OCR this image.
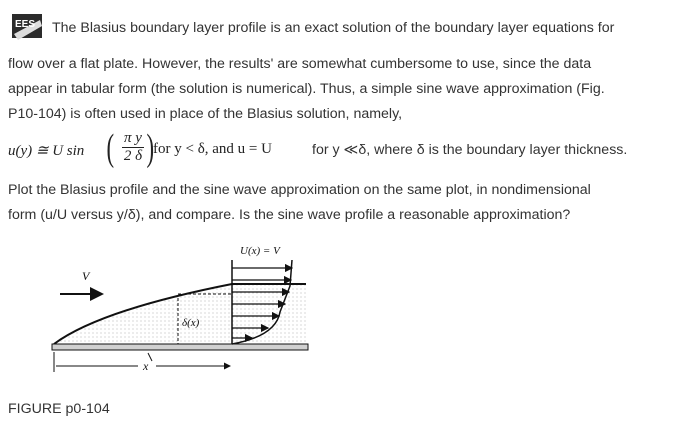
EES The Blasius boundary layer profile is an exact solution of the boundary layer equations for
flow over a flat plate. However, the results' are somewhat cumbersome to use, since the data
appear in tabular form (the solution is numerical). Thus, a simple sine wave approximation (Fig.
P10-104) is often used in place of the Blasius solution, namely,
u(y) ≅ U sin ( π y
2 δ )
for y < δ, and u = U	for y ≪δ, where δ is the boundary layer thickness.
Plot the Blasius profile and the sine wave approximation on the same plot, in nondimensional
form (u/U versus y/δ), and compare. Is the sine wave profile a reasonable approximation?
V
U(x) = V
δ(x)
x
FIGURE p0-104
